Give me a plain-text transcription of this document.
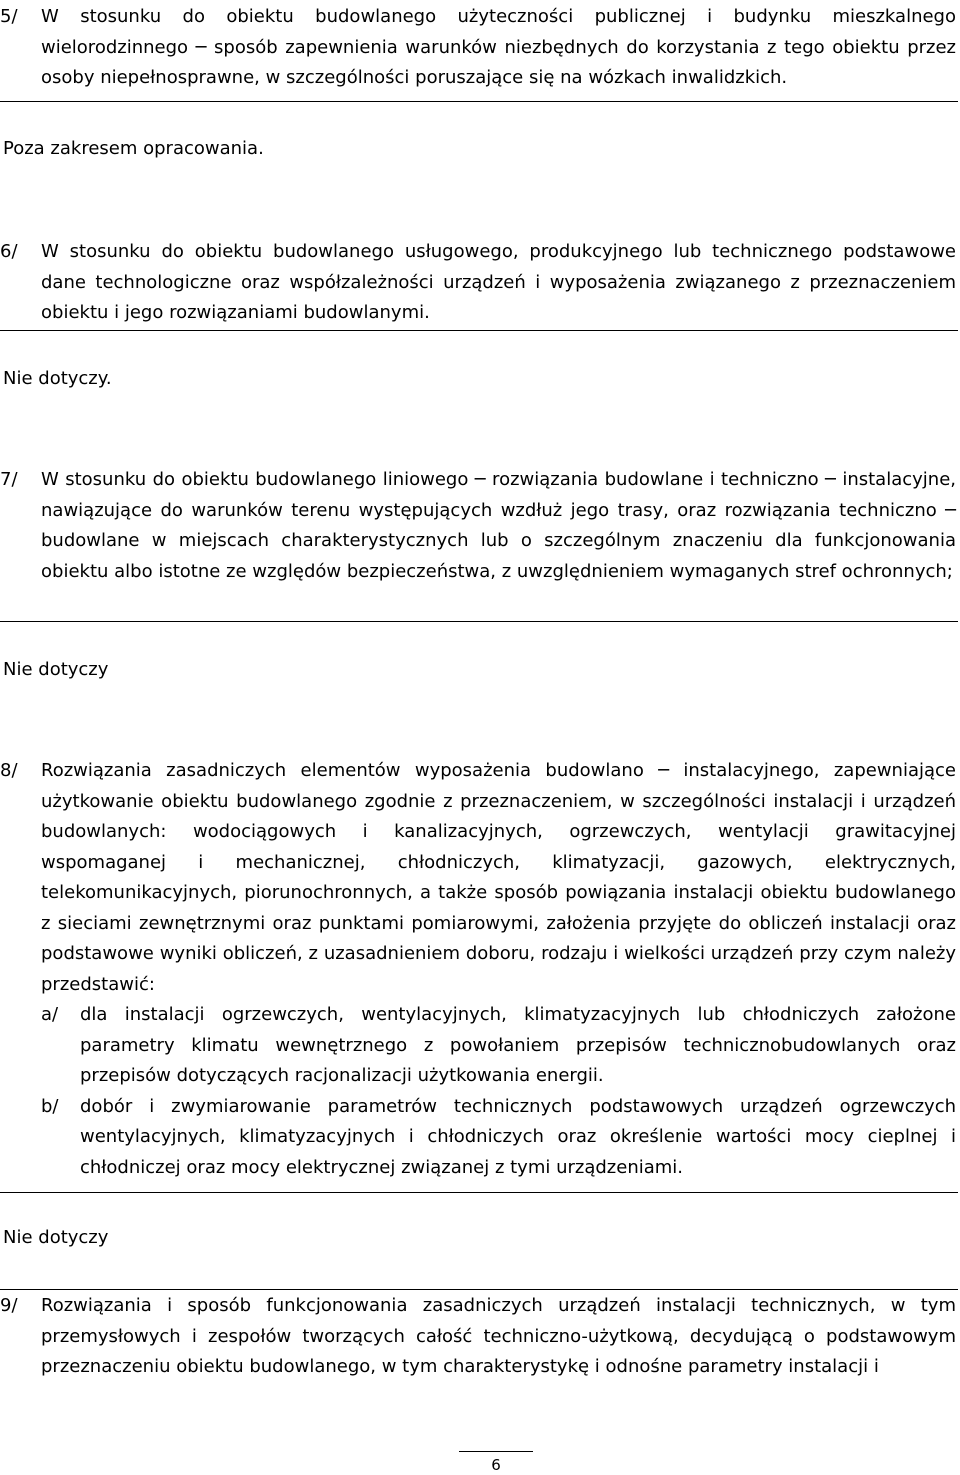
5/	W stosunku do obiektu budowlanego użyteczności publicznej i budynku mieszkalnego wielorodzinnego ─ sposób zapewnienia warunków niezbędnych do korzystania z tego obiektu przez osoby niepełnosprawne, w szczególności poruszające się na wózkach inwalidzkich.
Poza zakresem opracowania.
6/	W stosunku do obiektu budowlanego usługowego, produkcyjnego lub technicznego podstawowe dane technologiczne oraz współzależności urządzeń i wyposażenia związanego z przeznaczeniem obiektu i jego rozwiązaniami budowlanymi.
Nie dotyczy.
7/	W stosunku do obiektu budowlanego liniowego ─ rozwiązania budowlane i techniczno ─ instalacyjne, nawiązujące do warunków terenu występujących wzdłuż jego trasy, oraz rozwiązania techniczno ─ budowlane w miejscach charakterystycznych lub o szczególnym znaczeniu dla funkcjonowania obiektu albo istotne ze względów bezpieczeństwa, z uwzględnieniem wymaganych stref ochronnych;
Nie dotyczy
8/	Rozwiązania zasadniczych elementów wyposażenia budowlano ─ instalacyjnego, zapewniające użytkowanie obiektu budowlanego zgodnie z przeznaczeniem, w szczególności instalacji i urządzeń budowlanych: wodociągowych i kanalizacyjnych, ogrzewczych, wentylacji grawitacyjnej wspomaganej i mechanicznej, chłodniczych, klimatyzacji, gazowych, elektrycznych, telekomunikacyjnych, piorunochronnych, a także sposób powiązania instalacji obiektu budowlanego z sieciami zewnętrznymi oraz punktami pomiarowymi, założenia przyjęte do obliczeń instalacji oraz podstawowe wyniki obliczeń, z uzasadnieniem doboru, rodzaju i wielkości urządzeń przy czym należy przedstawić:
a/	dla instalacji ogrzewczych, wentylacyjnych, klimatyzacyjnych lub chłodniczych założone parametry klimatu wewnętrznego z powołaniem przepisów technicznobudowlanych oraz przepisów dotyczących racjonalizacji użytkowania energii.
b/	dobór i zwymiarowanie parametrów technicznych podstawowych urządzeń ogrzewczych wentylacyjnych, klimatyzacyjnych i chłodniczych oraz określenie wartości mocy cieplnej i chłodniczej oraz mocy elektrycznej związanej z tymi urządzeniami.
Nie dotyczy
9/	Rozwiązania i sposób funkcjonowania zasadniczych urządzeń instalacji technicznych, w tym przemysłowych i zespołów tworzących całość techniczno-użytkową, decydującą o podstawowym przeznaczeniu obiektu budowlanego, w tym charakterystykę i odnośne parametry instalacji i
6
